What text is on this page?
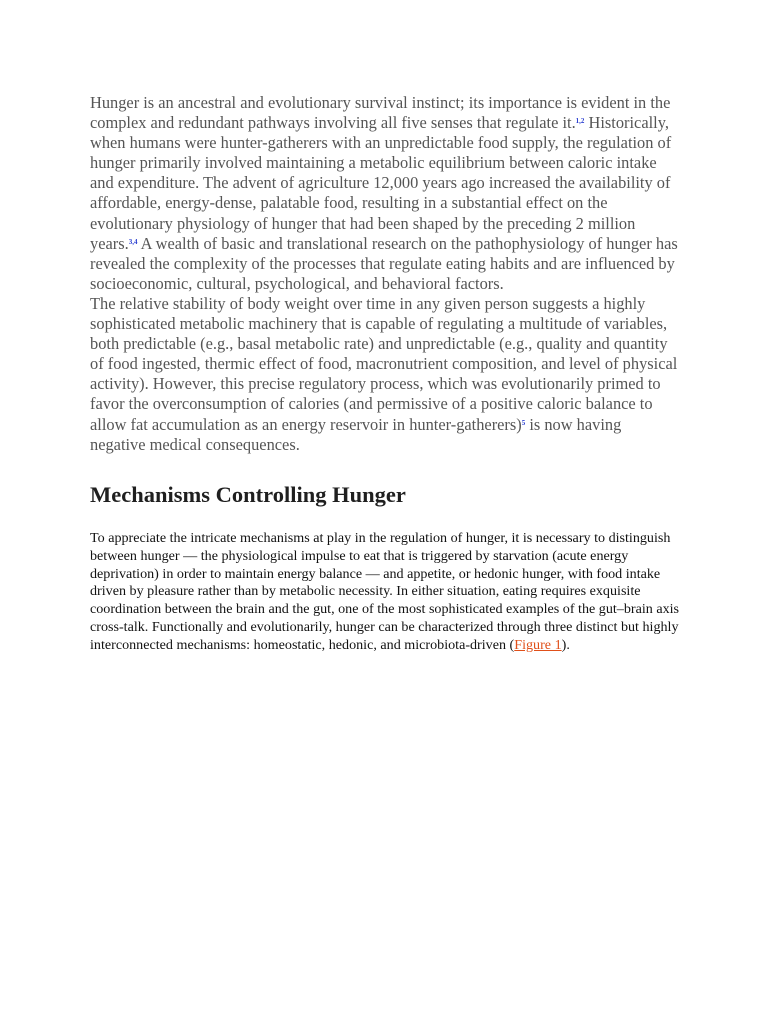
Hunger is an ancestral and evolutionary survival instinct; its importance is evident in the complex and redundant pathways involving all five senses that regulate it.$^{1,2}$ Historically, when humans were hunter-gatherers with an unpredictable food supply, the regulation of hunger primarily involved maintaining a metabolic equilibrium between caloric intake and expenditure. The advent of agriculture 12,000 years ago increased the availability of affordable, energy-dense, palatable food, resulting in a substantial effect on the evolutionary physiology of hunger that had been shaped by the preceding 2 million years.$^{3,4}$ A wealth of basic and translational research on the pathophysiology of hunger has revealed the complexity of the processes that regulate eating habits and are influenced by socioeconomic, cultural, psychological, and behavioral factors.

The relative stability of body weight over time in any given person suggests a highly sophisticated metabolic machinery that is capable of regulating a multitude of variables, both predictable (e.g., basal metabolic rate) and unpredictable (e.g., quality and quantity of food ingested, thermic effect of food, macronutrient composition, and level of physical activity). However, this precise regulatory process, which was evolutionarily primed to favor the overconsumption of calories (and permissive of a positive caloric balance to allow fat accumulation as an energy reservoir in hunter-gatherers)$^5$ is now having negative medical consequences.

Mechanisms Controlling Hunger

To appreciate the intricate mechanisms at play in the regulation of hunger, it is necessary to distinguish between hunger — the physiological impulse to eat that is triggered by starvation (acute energy deprivation) in order to maintain energy balance — and appetite, or hedonic hunger, with food intake driven by pleasure rather than by metabolic necessity. In either situation, eating requires exquisite coordination between the brain and the gut, one of the most sophisticated examples of the gut–brain axis cross-talk. Functionally and evolutionarily, hunger can be characterized through three distinct but highly interconnected mechanisms: homeostatic, hedonic, and microbiota-driven (Figure 1).
